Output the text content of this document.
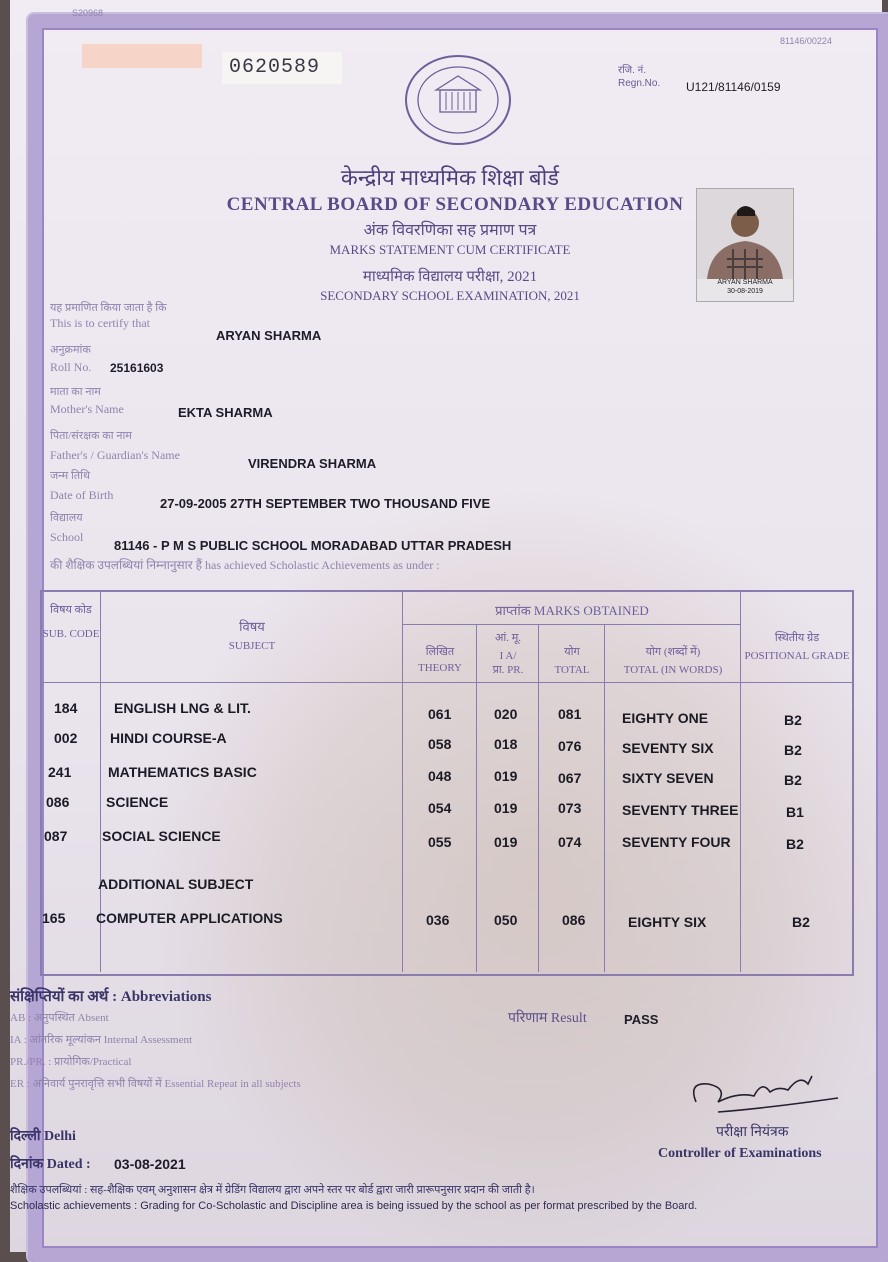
S20968
81146/00224
0620589	रजि. नं.
Regn.No. U121/81146/0159
केन्द्रीय माध्यमिक शिक्षा बोर्ड
CENTRAL BOARD OF SECONDARY EDUCATION
अंक विवरणिका सह प्रमाण पत्र
MARKS STATEMENT CUM CERTIFICATE
माध्यमिक विद्यालय परीक्षा, 2021
SECONDARY SCHOOL EXAMINATION, 2021
ARYAN SHARMA
30-08-2019
यह प्रमाणित किया जाता है कि
This is to certify that
ARYAN SHARMA
अनुक्रमांक
Roll No. 25161603
माता का नाम
Mother's Name	EKTA SHARMA
पिता/संरक्षक का नाम
Father's / Guardian's Name
VIRENDRA SHARMA
जन्म तिथि
Date of Birth
27-09-2005 27TH SEPTEMBER TWO THOUSAND FIVE
विद्यालय
School
81146 - P M S PUBLIC SCHOOL MORADABAD UTTAR PRADESH
की शैक्षिक उपलब्धियां निम्नानुसार हैं has achieved Scholastic Achievements as under :
विषय कोड
SUB. CODE	विषय
SUBJECT
प्राप्तांक MARKS OBTAINED
लिखित
THEORY
आं. मू.
I A/
प्रा. PR.
योग
TOTAL
योग (शब्दों में)
TOTAL (IN WORDS)
स्थितीय ग्रेड
POSITIONAL GRADE
184	ENGLISH LNG & LIT.	061	020	081	EIGHTY ONE	B2
002 HINDI COURSE-A	058	018	076	SEVENTY SIX	B2
241	MATHEMATICS BASIC	048	019	067	SIXTY SEVEN	B2
086	SCIENCE	054	019	073	SEVENTY THREE	B1
087 SOCIAL SCIENCE	055	019	074	SEVENTY FOUR	B2
ADDITIONAL SUBJECT
165 COMPUTER APPLICATIONS	036	050	086	EIGHTY SIX	B2
संक्षिप्तियों का अर्थ : Abbreviations
AB : अनुपस्थित Absent
IA : आंतरिक मूल्यांकन Internal Assessment
PR./PR. : प्रायोगिक/Practical
ER : अनिवार्य पुनरावृत्ति सभी विषयों में Essential Repeat in all subjects
परिणाम Result	PASS
परीक्षा नियंत्रक
Controller of Examinations
दिल्ली Delhi
दिनांक Dated : 03-08-2021
शैक्षिक उपलब्धियां : सह-शैक्षिक एवम् अनुशासन क्षेत्र में ग्रेडिंग विद्यालय द्वारा अपने स्तर पर बोर्ड द्वारा जारी प्रारूपनुसार प्रदान की जाती है।
Scholastic achievements : Grading for Co-Scholastic and Discipline area is being issued by the school as per format prescribed by the Board.
